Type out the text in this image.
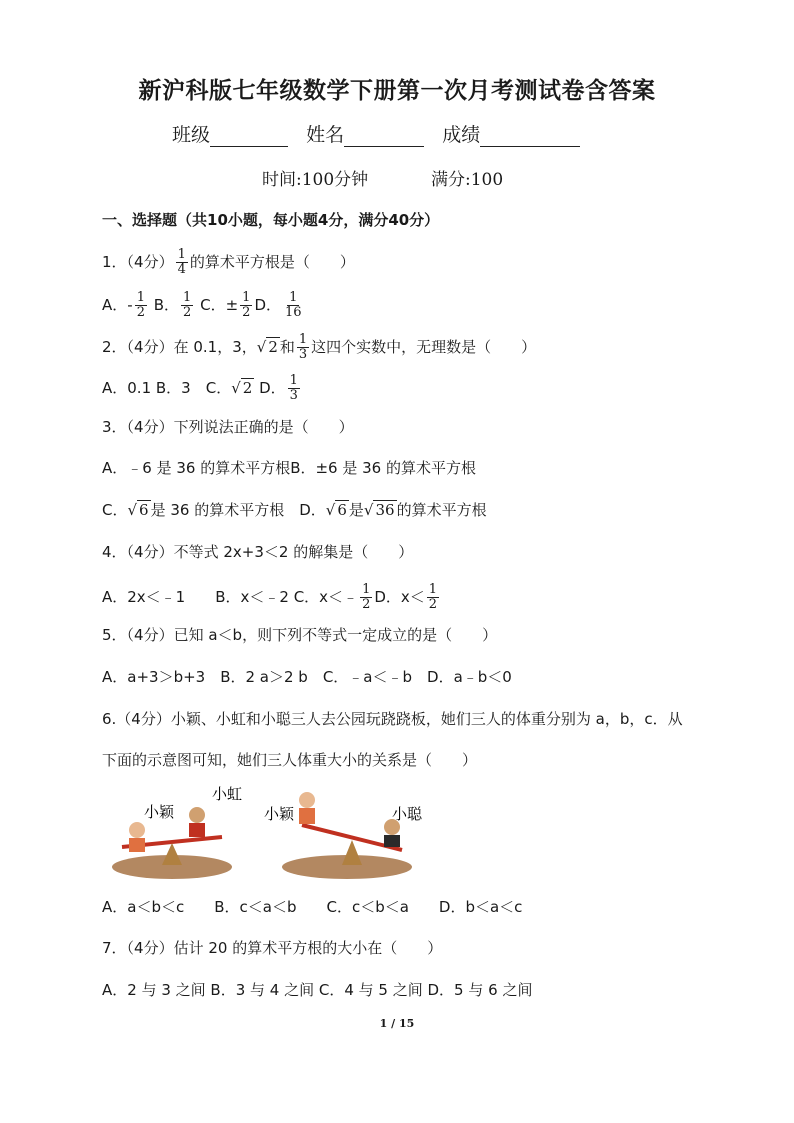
新沪科版七年级数学下册第一次月考测试卷含答案
班级	姓名	成绩
时间:100分钟	满分:100
一、选择题（共10小题，每小题4分，满分40分）
1．（4分） $\frac{1}{4}$ 的算术平方根是（　　）
A．- $\frac{1}{2}$ B． $\frac{1}{2}$ C．± $\frac{1}{2}$ D． $\frac{1}{16}$
2．（4分）在 0.1，3，√ 2 和 $\frac{1}{3}$ 这四个实数中，无理数是（　　）
A．0.1 B．3　C．√ 2 D． $\frac{1}{3}$
3．（4分）下列说法正确的是（　　）
A．﹣6 是 36 的算术平方根B．±6 是 36 的算术平方根
C．√ 6 是 36 的算术平方根　D．√ 6 是√ 36 的算术平方根
4．（4分）不等式 2x+3＜2 的解集是（　　）
A．2x＜﹣1　　B．x＜﹣2 C．x＜﹣ $\frac{1}{2}$ D．$x< \frac{1}{2}$
5．（4分）已知 a＜b，则下列不等式一定成立的是（　　）
A．a+3＞b+3　B．2 a＞2 b　C．﹣a＜﹣b　D．a﹣b＜0
6.（4分）小颖、小虹和小聪三人去公园玩跷跷板，她们三人的体重分别为 a，b，c．从
下面的示意图可知，她们三人体重大小的关系是（　　）
小颖
小虹
小颖	小聪
A．a＜b＜c　　B．c＜a＜b　　C．c＜b＜a　　D．b＜a＜c
7．（4分）估计 20 的算术平方根的大小在（　　）
A．2 与 3 之间 B．3 与 4 之间 C．4 与 5 之间 D．5 与 6 之间
1 / 15
